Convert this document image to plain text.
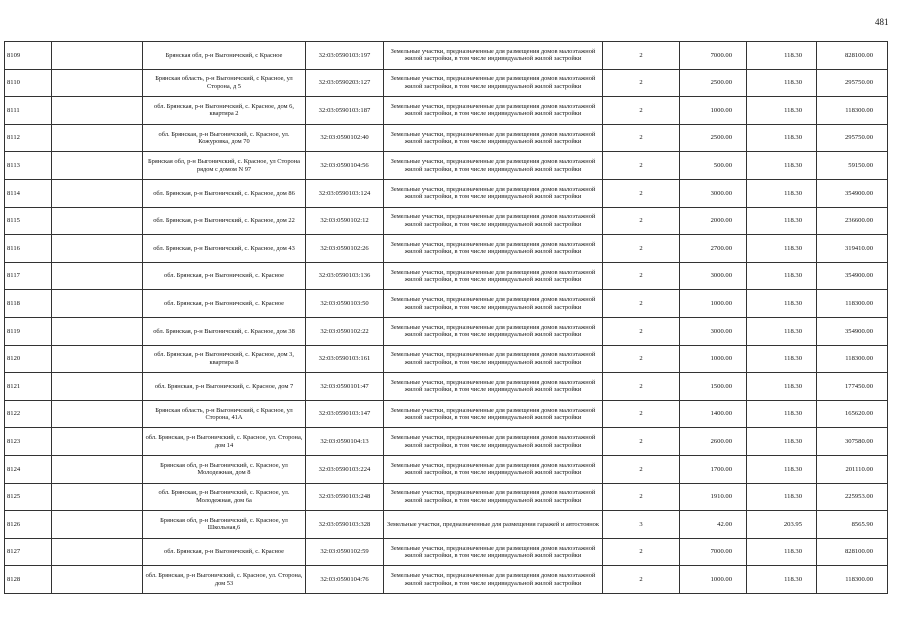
481
8109		Брянская обл, р-н Выгоничский, с Красное	32:03:0590103:197	Земельные участки, предназначенные для размещения домов малоэтажной жилой застройки, в том числе индивидуальной жилой застройки	2	7000.00	118.30	828100.00
8110		Брянская область, р-н Выгоничский, с Красное, ул Сторона, д 5	32:03:0590203:127	Земельные участки, предназначенные для размещения домов малоэтажной жилой застройки, в том числе индивидуальной жилой застройки	2	2500.00	118.30	295750.00
8111		обл. Брянская, р-н Выгоничский, с. Красное, дом 6, квартира 2	32:03:0590103:187	Земельные участки, предназначенные для размещения домов малоэтажной жилой застройки, в том числе индивидуальной жилой застройки	2	1000.00	118.30	118300.00
8112		обл. Брянская, р-н Выгоничский, с. Красное, ул. Кожуровка, дом 70	32:03:0590102:40	Земельные участки, предназначенные для размещения домов малоэтажной жилой застройки, в том числе индивидуальной жилой застройки	2	2500.00	118.30	295750.00
8113		Брянская обл, р-н Выгоничский, с. Красное, ул Сторона рядом с домом N 97	32:03:0590104:56	Земельные участки, предназначенные для размещения домов малоэтажной жилой застройки, в том числе индивидуальной жилой застройки	2	500.00	118.30	59150.00
8114		обл. Брянская, р-н Выгоничский, с. Красное, дом 86	32:03:0590103:124	Земельные участки, предназначенные для размещения домов малоэтажной жилой застройки, в том числе индивидуальной жилой застройки	2	3000.00	118.30	354900.00
8115		обл. Брянская, р-н Выгоничский, с. Красное, дом 22	32:03:0590102:12	Земельные участки, предназначенные для размещения домов малоэтажной жилой застройки, в том числе индивидуальной жилой застройки	2	2000.00	118.30	236600.00
8116		обл. Брянская, р-н Выгоничский, с. Красное, дом 43	32:03:0590102:26	Земельные участки, предназначенные для размещения домов малоэтажной жилой застройки, в том числе индивидуальной жилой застройки	2	2700.00	118.30	319410.00
8117		обл. Брянская, р-н Выгоничский, с. Красное	32:03:0590103:136	Земельные участки, предназначенные для размещения домов малоэтажной жилой застройки, в том числе индивидуальной жилой застройки	2	3000.00	118.30	354900.00
8118		обл. Брянская, р-н Выгоничский, с. Красное	32:03:0590103:50	Земельные участки, предназначенные для размещения домов малоэтажной жилой застройки, в том числе индивидуальной жилой застройки	2	1000.00	118.30	118300.00
8119		обл. Брянская, р-н Выгоничский, с. Красное, дом 38	32:03:0590102:22	Земельные участки, предназначенные для размещения домов малоэтажной жилой застройки, в том числе индивидуальной жилой застройки	2	3000.00	118.30	354900.00
8120		обл. Брянская, р-н Выгоничский, с. Красное, дом 3, квартира 8	32:03:0590103:161	Земельные участки, предназначенные для размещения домов малоэтажной жилой застройки, в том числе индивидуальной жилой застройки	2	1000.00	118.30	118300.00
8121		обл. Брянская, р-н Выгоничский, с. Красное, дом 7	32:03:0590101:47	Земельные участки, предназначенные для размещения домов малоэтажной жилой застройки, в том числе индивидуальной жилой застройки	2	1500.00	118.30	177450.00
8122		Брянская область, р-н Выгоничский, с Красное, ул Сторона, 41А	32:03:0590103:147	Земельные участки, предназначенные для размещения домов малоэтажной жилой застройки, в том числе индивидуальной жилой застройки	2	1400.00	118.30	165620.00
8123		обл. Брянская, р-н Выгоничский, с. Красное, ул. Сторона, дом 14	32:03:0590104:13	Земельные участки, предназначенные для размещения домов малоэтажной жилой застройки, в том числе индивидуальной жилой застройки	2	2600.00	118.30	307580.00
8124		Брянская обл, р-н Выгоничский, с. Красное, ул Молодежная, дом 8	32:03:0590103:224	Земельные участки, предназначенные для размещения домов малоэтажной жилой застройки, в том числе индивидуальной жилой застройки	2	1700.00	118.30	201110.00
8125		обл. Брянская, р-н Выгоничский, с. Красное, ул. Молодежная, дом 6а	32:03:0590103:248	Земельные участки, предназначенные для размещения домов малоэтажной жилой застройки, в том числе индивидуальной жилой застройки	2	1910.00	118.30	225953.00
8126		Брянская обл, р-н Выгоничский, с. Красное, ул Школьная,6	32:03:0590103:328	Земельные участки, предназначенные для размещения гаражей и автостоянок	3	42.00	203.95	8565.90
8127		обл. Брянская, р-н Выгоничский, с. Красное	32:03:0590102:59	Земельные участки, предназначенные для размещения домов малоэтажной жилой застройки, в том числе индивидуальной жилой застройки	2	7000.00	118.30	828100.00
8128		обл. Брянская, р-н Выгоничский, с. Красное, ул. Сторона, дом 53	32:03:0590104:76	Земельные участки, предназначенные для размещения домов малоэтажной жилой застройки, в том числе индивидуальной жилой застройки	2	1000.00	118.30	118300.00
